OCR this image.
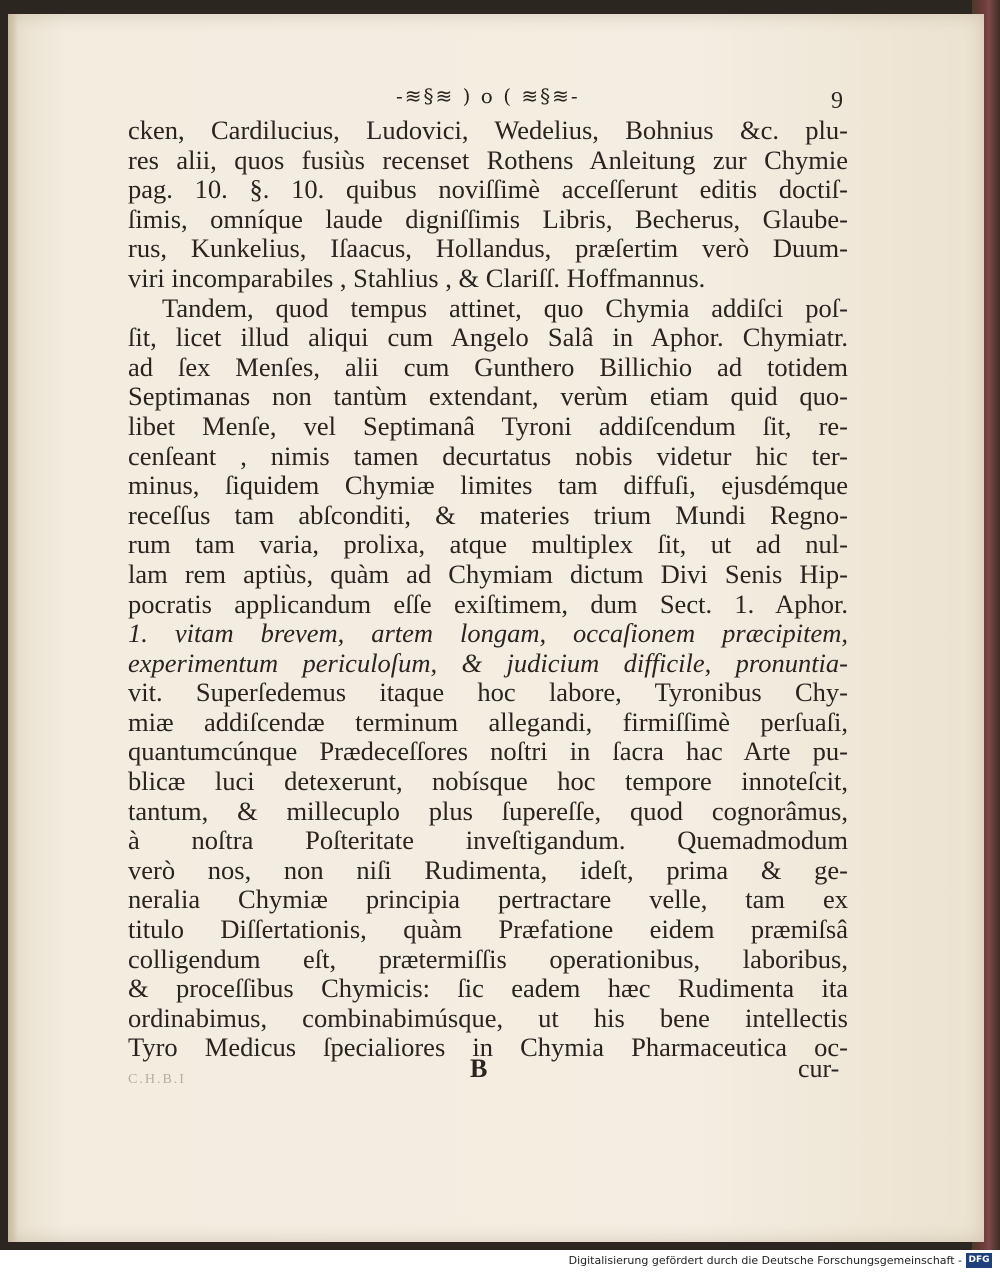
-≋§≋ ) o ( ≋§≋-	9
cken, Cardilucius, Ludovici, Wedelius, Bohnius &c. plu-
res alii, quos fusiùs recenset Rothens Anleitung zur Chymie
pag. 10. §. 10. quibus noviſſimè acceſſerunt editis doctiſ-
ſimis, omníque laude digniſſimis Libris, Becherus, Glaube-
rus, Kunkelius, Iſaacus, Hollandus, præſertim verò Duum-
viri incomparabiles , Stahlius , & Clariſſ. Hoffmannus.
Tandem, quod tempus attinet, quo Chymia addiſci poſ-
ſit, licet illud aliqui cum Angelo Salâ in Aphor. Chymiatr.
ad ſex Menſes, alii cum Gunthero Billichio ad totidem
Septimanas non tantùm extendant, verùm etiam quid quo-
libet Menſe, vel Septimanâ Tyroni addiſcendum ſit, re-
cenſeant , nimis tamen decurtatus nobis videtur hic ter-
minus, ſiquidem Chymiæ limites tam diffuſi, ejusdémque
receſſus tam abſconditi, & materies trium Mundi Regno-
rum tam varia, prolixa, atque multiplex ſit, ut ad nul-
lam rem aptiùs, quàm ad Chymiam dictum Divi Senis Hip-
pocratis applicandum eſſe exiſtimem, dum Sect. 1. Aphor.
1. vitam brevem, artem longam, occaſionem præcipitem,
experimentum periculoſum, & judicium difficile, pronuntia-
vit. Superſedemus itaque hoc labore, Tyronibus Chy-
miæ addiſcendæ terminum allegandi, firmiſſimè perſuaſi,
quantumcúnque Prædeceſſores noſtri in ſacra hac Arte pu-
blicæ luci detexerunt, nobísque hoc tempore innoteſcit,
tantum, & millecuplo plus ſupereſſe, quod cognorâmus,
à noſtra Poſteritate inveſtigandum. Quemadmodum
verò nos, non niſi Rudimenta, ideſt, prima & ge-
neralia Chymiæ principia pertractare velle, tam ex
titulo Diſſertationis, quàm Præfatione eidem præmiſsâ
colligendum eſt, prætermiſſis operationibus, laboribus,
& proceſſibus Chymicis: ſic eadem hæc Rudimenta ita
ordinabimus, combinabimúsque, ut his bene intellectis
Tyro Medicus ſpecialiores in Chymia Pharmaceutica oc-
C.H.B.I	B	cur-
Digitalisierung gefördert durch die Deutsche Forschungsgemeinschaft - DFG
